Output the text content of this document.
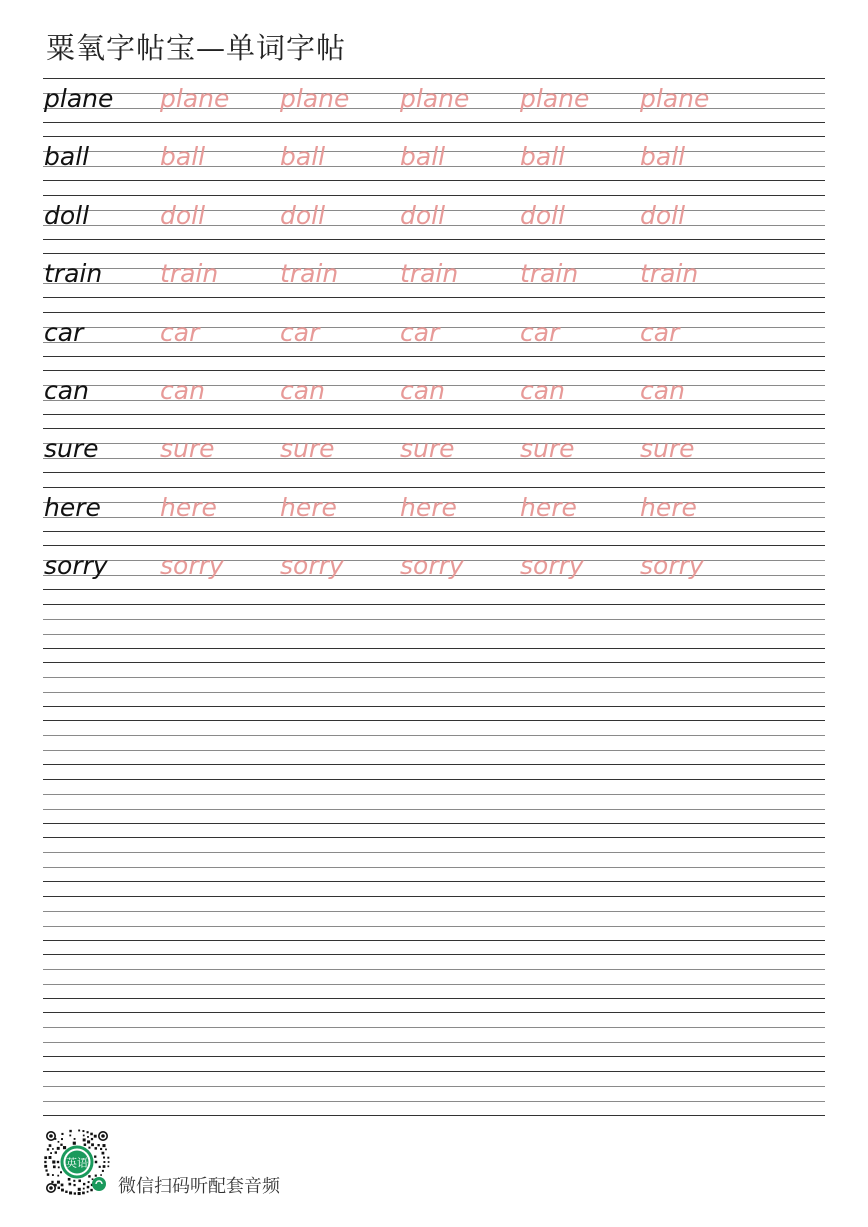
粟氧字帖宝—单词字帖
plane plane plane plane plane plane
ball	ball	ball	ball	ball	ball
doll	doll	doll	doll	doll	doll
train train train train train train
car	car	car	car	car	car
can	can	can	can	can	can
sure sure	sure	sure	sure	sure
here here	here	here	here	here
sorry sorry sorry sorry sorry sorry
英语
微信扫码听配套音频
